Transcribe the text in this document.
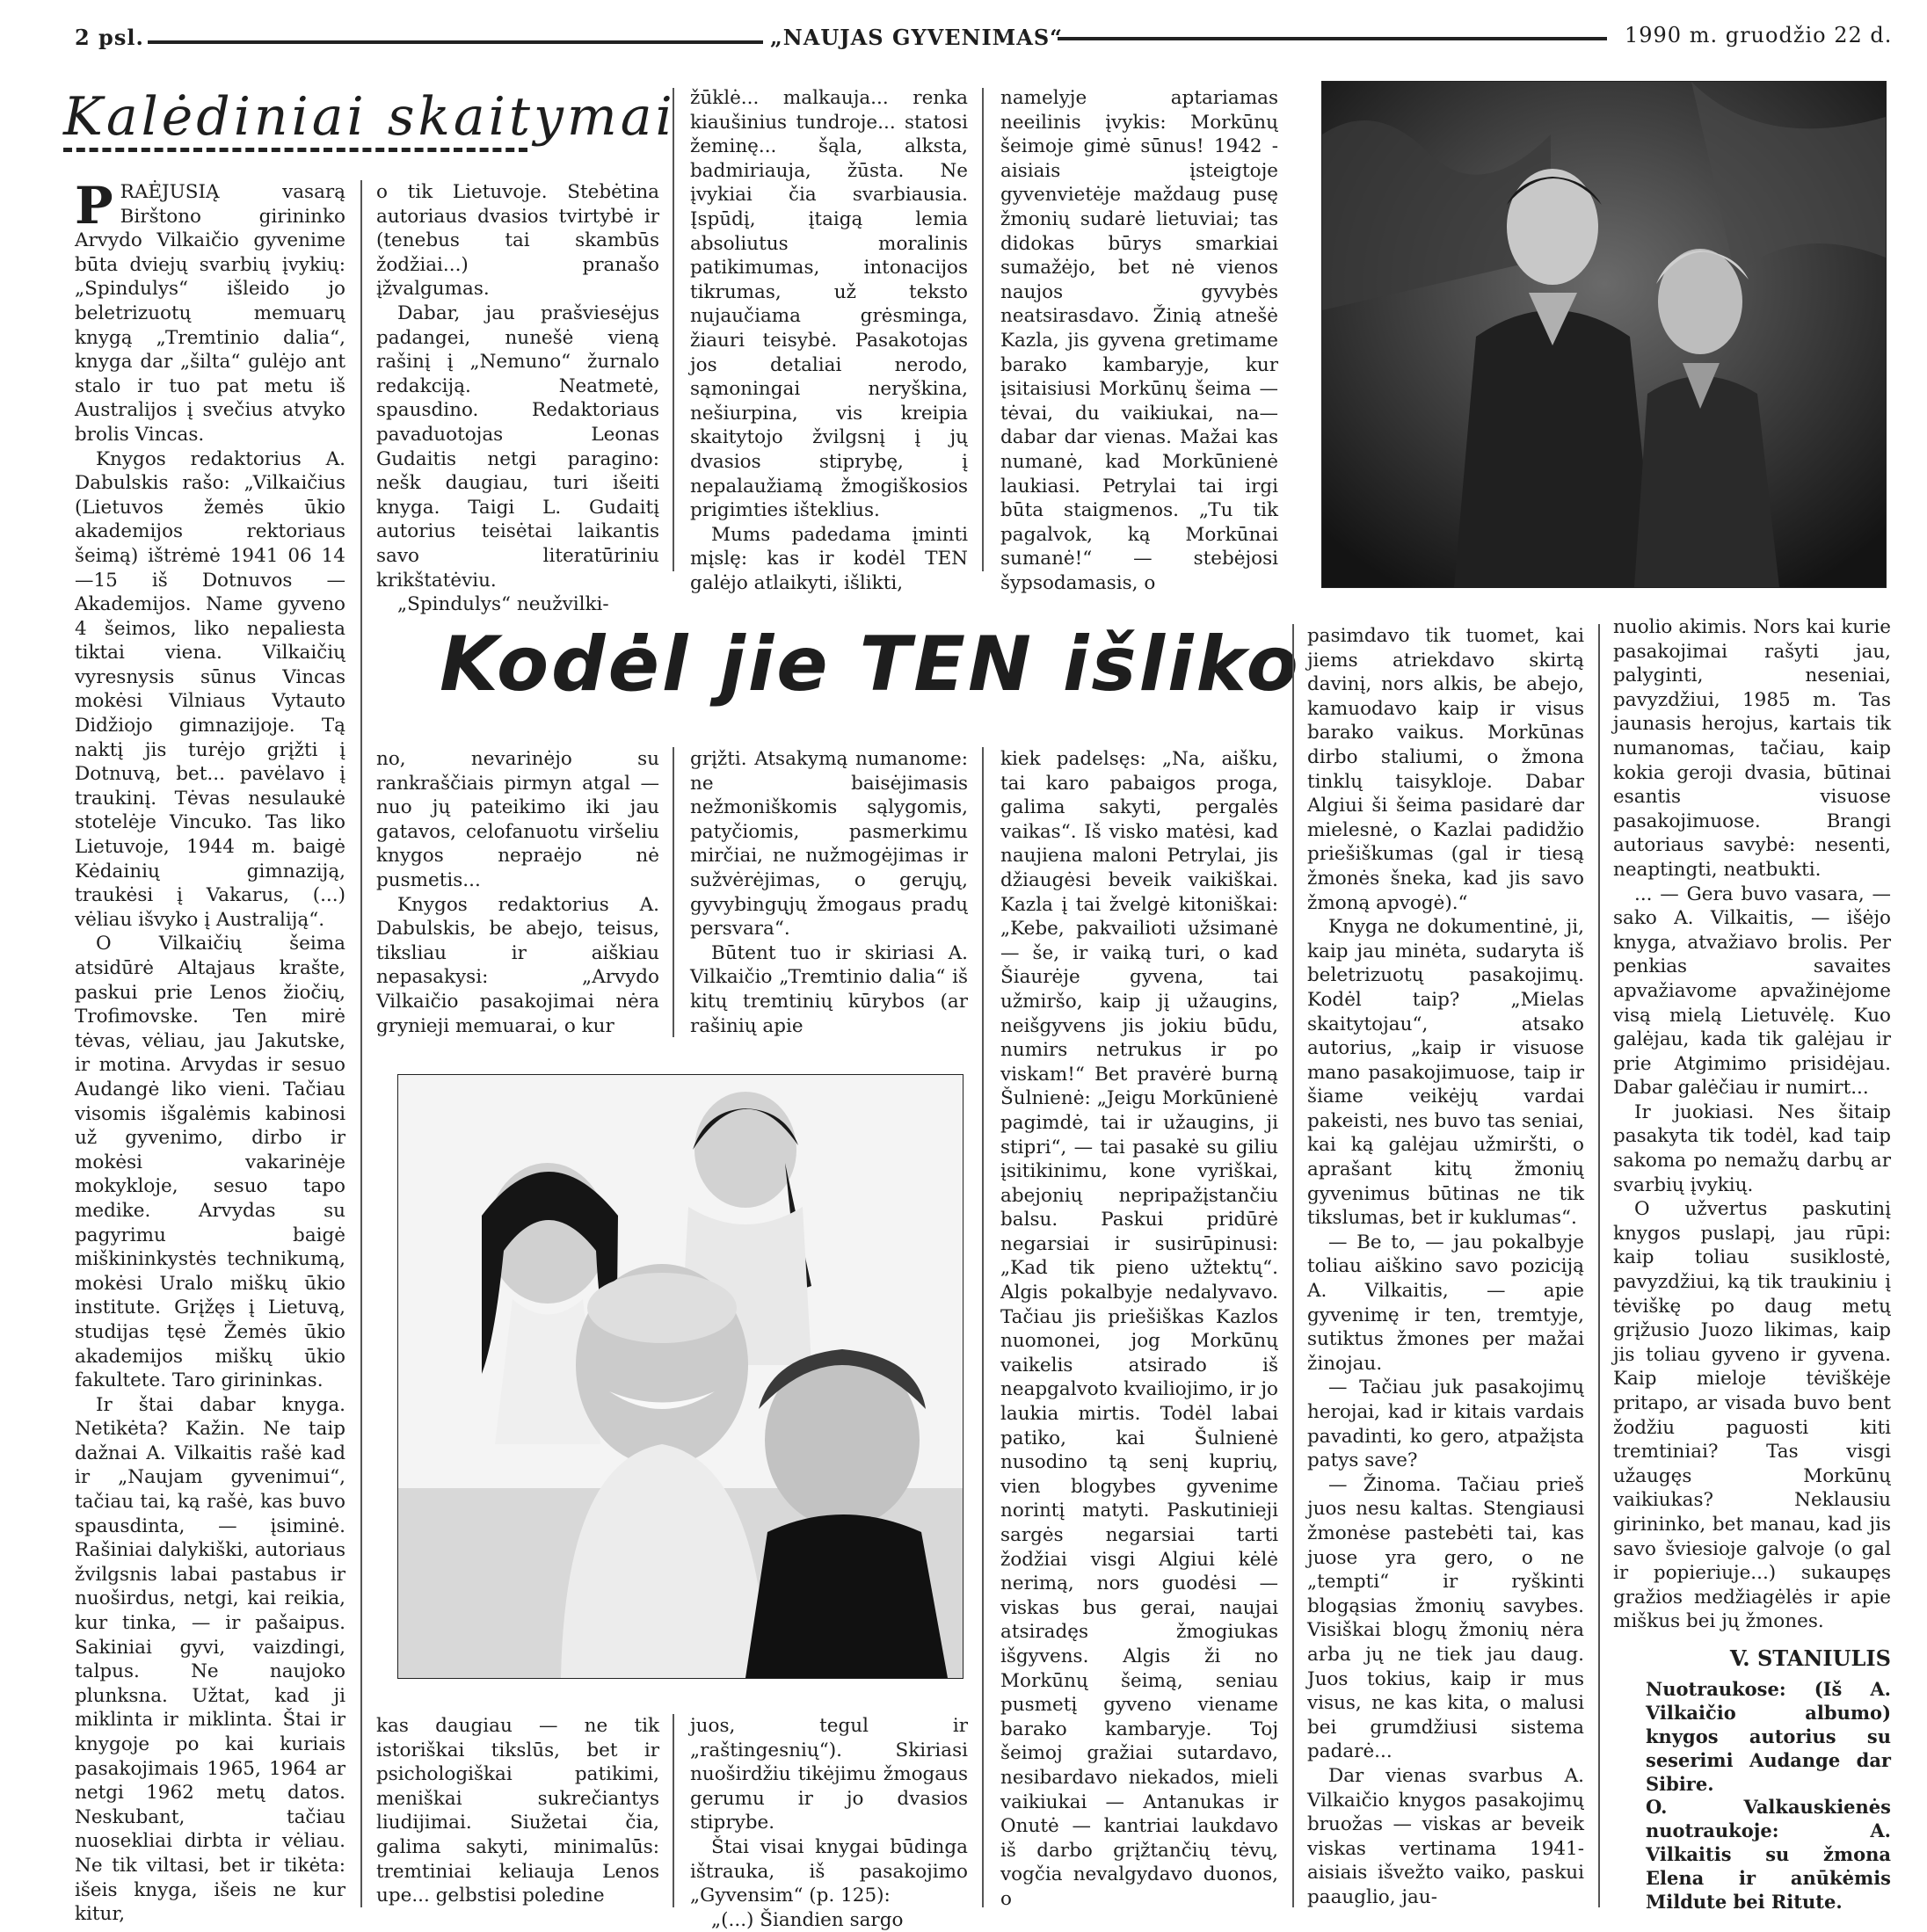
2 psl.	„NAUJAS GYVENIMAS“	1990 m. gruodžio 22 d.
Kalėdiniai skaitymai
P RAĖJUSIĄ vasarą Birštono girininko Arvydo Vilkaičio gyvenime būta dviejų svarbių įvykių: „Spindulys“ išleido jo beletrizuotų memuarų knygą „Tremtinio dalia“, knyga dar „šilta“ gulėjo ant stalo ir tuo pat metu iš Australijos į svečius atvyko brolis Vincas.

Knygos redaktorius A. Dabulskis rašo: „Vilkaičius (Lietuvos žemės ūkio akademijos rektoriaus šeimą) ištrėmė 1941 06 14—15 iš Dotnuvos — Akademijos. Name gyveno 4 šeimos, liko nepaliesta tiktai viena. Vilkaičių vyresnysis sūnus Vincas mokėsi Vilniaus Vytauto Didžiojo gimnazijoje. Tą naktį jis turėjo grįžti į Dotnuvą, bet... pavėlavo į traukinį. Tėvas nesulaukė stotelėje Vincuko. Tas liko Lietuvoje, 1944 m. baigė Kėdainių gimnaziją, traukėsi į Vakarus, (...) vėliau išvyko į Australiją“.

O Vilkaičių šeima atsidūrė Altajaus krašte, paskui prie Lenos žiočių, Trofimovske. Ten mirė tėvas, vėliau, jau Jakutske, ir motina. Arvydas ir sesuo Audangė liko vieni. Tačiau visomis išgalėmis kabinosi už gyvenimo, dirbo ir mokėsi vakarinėje mokykloje, sesuo tapo medike. Arvydas su pagyrimu baigė miškininkystės technikumą, mokėsi Uralo miškų ūkio institute. Grįžęs į Lietuvą, studijas tęsė Žemės ūkio akademijos miškų ūkio fakultete. Taro girininkas.

Ir štai dabar knyga. Netikėta? Kažin. Ne taip dažnai A. Vilkaitis rašė kad ir „Naujam gyvenimui“, tačiau tai, ką rašė, kas buvo spausdinta, — įsiminė. Rašiniai dalykiški, autoriaus žvilgsnis labai pastabus ir nuoširdus, netgi, kai reikia, kur tinka, — ir pašaipus. Sakiniai gyvi, vaizdingi, talpus. Ne naujoko plunksna. Užtat, kad ji miklinta ir miklinta. Štai ir knygoje po kai kuriais pasakojimais 1965, 1964 ar netgi 1962 metų datos. Neskubant, tačiau nuosekliai dirbta ir vėliau. Ne tik viltasi, bet ir tikėta: išeis knyga, išeis ne kur kitur,

o tik Lietuvoje. Stebėtina autoriaus dvasios tvirtybė ir (tenebus tai skambūs žodžiai...) pranašo įžvalgumas.

Dabar, jau prašviesėjus padangei, nunešė vieną rašinį į „Nemuno“ žurnalo redakciją. Neatmetė, spausdino. Redaktoriaus pavaduotojas Leonas Gudaitis netgi paragino: nešk daugiau, turi išeiti knyga. Taigi L. Gudaitį autorius teisėtai laikantis savo literatūriniu krikštatėviu.

„Spindulys“ neužvilki-

žūklė... malkauja... renka kiaušinius tundroje... statosi žeminę... šąla, alksta, badmiriauja, žūsta. Ne įvykiai čia svarbiausia. Įspūdį, įtaigą lemia absoliutus moralinis patikimumas, intonacijos tikrumas, už teksto nujaučiama grėsminga, žiauri teisybė. Pasakotojas jos detaliai nerodo, sąmoningai neryškina, nešiurpina, vis kreipia skaitytojo žvilgsnį į jų dvasios stiprybę, į nepalaužiamą žmogiškosios prigimties išteklius.

Mums padedama įminti mįslę: kas ir kodėl TEN galėjo atlaikyti, išlikti,

namelyje aptariamas neeilinis įvykis: Morkūnų šeimoje gimė sūnus! 1942 -aisiais įsteigtoje gyvenvietėje maždaug pusę žmonių sudarė lietuviai; tas didokas būrys smarkiai sumažėjo, bet nė vienos naujos gyvybės neatsirasdavo. Žinią atnešė Kazla, jis gyvena gretimame barako kambaryje, kur įsitaisiusi Morkūnų šeima — tėvai, du vaikiukai, na— dabar dar vienas. Mažai kas numanė, kad Morkūnienė laukiasi. Petrylai tai irgi būta staigmenos. „Tu tik pagalvok, ką Morkūnai sumanė!“ — stebėjosi šypsodamasis, o

Kodėl jie TEN išliko

no, nevarinėjo su rankraščiais pirmyn atgal — nuo jų pateikimo iki jau gatavos, celofanuotu viršeliu knygos nepraėjo nė pusmetis...

Knygos redaktorius A. Dabulskis, be abejo, teisus, tiksliau ir aiškiau nepasakysi: „Arvydo Vilkaičio pasakojimai nėra grynieji memuarai, o kur

grįžti. Atsakymą numanome: ne baisėjimasis nežmoniškomis sąlygomis, patyčiomis, pasmerkimu mirčiai, ne nužmogėjimas ir sužvėrėjimas, o gerųjų, gyvybingųjų žmogaus pradų persvara“.

Būtent tuo ir skiriasi A. Vilkaičio „Tremtinio dalia“ iš kitų tremtinių kūrybos (ar rašinių apie

kas daugiau — ne tik istoriškai tikslūs, bet ir psichologiškai patikimi, meniškai sukrečiantys liudijimai. Siužetai čia, galima sakyti, minimalūs: tremtiniai keliauja Lenos upe... gelbstisi poledine

juos, tegul ir „raštingesnių“). Skiriasi nuoširdžiu tikėjimu žmogaus gerumu ir jo dvasios stiprybe.

Štai visai knygai būdinga ištrauka, iš pasakojimo „Gyvensim“ (p. 125):

„(...) Šiandien sargo

kiek padelsęs: „Na, aišku, tai karo pabaigos proga, galima sakyti, pergalės vaikas“. Iš visko matėsi, kad naujiena maloni Petrylai, jis džiaugėsi beveik vaikiškai. Kazla į tai žvelgė kitoniškai: „Kebe, pakvailioti užsimanė — še, ir vaiką turi, o kad Šiaurėje gyvena, tai užmiršo, kaip jį užaugins, neišgyvens jis jokiu būdu, numirs netrukus ir po viskam!“ Bet pravėrė burną Šulnienė: „Jeigu Morkūnienė pagimdė, tai ir užaugins, ji stipri“, — tai pasakė su giliu įsitikinimu, kone vyriškai, abejonių nepripažįstančiu balsu. Paskui pridūrė negarsiai ir susirūpinusi: „Kad tik pieno užtektų“. Algis pokalbyje nedalyvavo. Tačiau jis priešiškas Kazlos nuomonei, jog Morkūnų vaikelis atsirado iš neapgalvoto kvailiojimo, ir jo laukia mirtis. Todėl labai patiko, kai Šulnienė nusodino tą senį kuprių, vien blogybes gyvenime norintį matyti. Paskutinieji sargės negarsiai tarti žodžiai visgi Algiui kėlė nerimą, nors guodėsi —viskas bus gerai, naujai atsiradęs žmogiukas išgyvens. Algis ži no Morkūnų šeimą, seniau pusmetį gyveno viename barako kambaryje. Toj šeimoj gražiai sutardavo, nesibardavo niekados, mieli vaikiukai — Antanukas ir Onutė — kantriai laukdavo iš darbo grįžtančių tėvų, vogčia nevalgydavo duonos, o

pasimdavo tik tuomet, kai jiems atriekdavo skirtą davinį, nors alkis, be abejo, kamuodavo kaip ir visus barako vaikus. Morkūnas dirbo staliumi, o žmona tinklų taisykloje. Dabar Algiui ši šeima pasidarė dar mielesnė, o Kazlai padidžio priešiškumas (gal ir tiesą žmonės šneka, kad jis savo žmoną apvogė).“

Knyga ne dokumentinė, ji, kaip jau minėta, sudaryta iš beletrizuotų pasakojimų. Kodėl taip? „Mielas skaitytojau“, atsako autorius, „kaip ir visuose mano pasakojimuose, taip ir šiame veikėjų vardai pakeisti, nes buvo tas seniai, kai ką galėjau užmiršti, o aprašant kitų žmonių gyvenimus būtinas ne tik tikslumas, bet ir kuklumas“.

— Be to, — jau pokalbyje toliau aiškino savo poziciją A. Vilkaitis, — apie gyvenimę ir ten, tremtyje, sutiktus žmones per mažai žinojau.

— Tačiau juk pasakojimų herojai, kad ir kitais vardais pavadinti, ko gero, atpažįsta patys save?

— Žinoma. Tačiau prieš juos nesu kaltas. Stengiausi žmonėse pastebėti tai, kas juose yra gero, o ne „tempti“ ir ryškinti blogąsias žmonių savybes. Visiškai blogų žmonių nėra arba jų ne tiek jau daug. Juos tokius, kaip ir mus visus, ne kas kita, o malusi bei grumdžiusi sistema padarė...

Dar vienas svarbus A. Vilkaičio knygos pasakojimų bruožas — viskas ar beveik viskas vertinama 1941-aisiais išvežto vaiko, paskui paauglio, jau-

nuolio akimis. Nors kai kurie pasakojimai rašyti jau, palyginti, neseniai, pavyzdžiui, 1985 m. Tas jaunasis herojus, kartais tik numanomas, tačiau, kaip kokia geroji dvasia, būtinai esantis visuose pasakojimuose. Brangi autoriaus savybė: nesenti, neaptingti, neatbukti.

... — Gera buvo vasara, — sako A. Vilkaitis, — išėjo knyga, atvažiavo brolis. Per penkias savaites apvažiavome apvažinėjome visą mielą Lietuvėlę. Kuo galėjau, kada tik galėjau ir prie Atgimimo prisidėjau. Dabar galėčiau ir numirt...

Ir juokiasi. Nes šitaip pasakyta tik todėl, kad taip sakoma po nemažų darbų ar svarbių įvykių.

O užvertus paskutinį knygos puslapį, jau rūpi: kaip toliau susiklostė, pavyzdžiui, ką tik traukiniu į tėviškę po daug metų grįžusio Juozo likimas, kaip jis toliau gyveno ir gyvena. Kaip mieloje tėviškėje pritapo, ar visada buvo bent žodžiu paguosti kiti tremtiniai? Tas visgi užaugęs Morkūnų vaikiukas? Neklausiu girininko, bet manau, kad jis savo šviesioje galvoje (o gal ir popieriuje...) sukaupęs gražios medžiagėlės ir apie miškus bei jų žmones.

V. STANIULIS
Nuotraukose: (Iš A. Vilkaičio albumo) knygos autorius su seserimi Audange dar Sibire.
O. Valkauskienės nuotraukoje: A. Vilkaitis su žmona Elena ir anūkėmis Mildute bei Ritute.
